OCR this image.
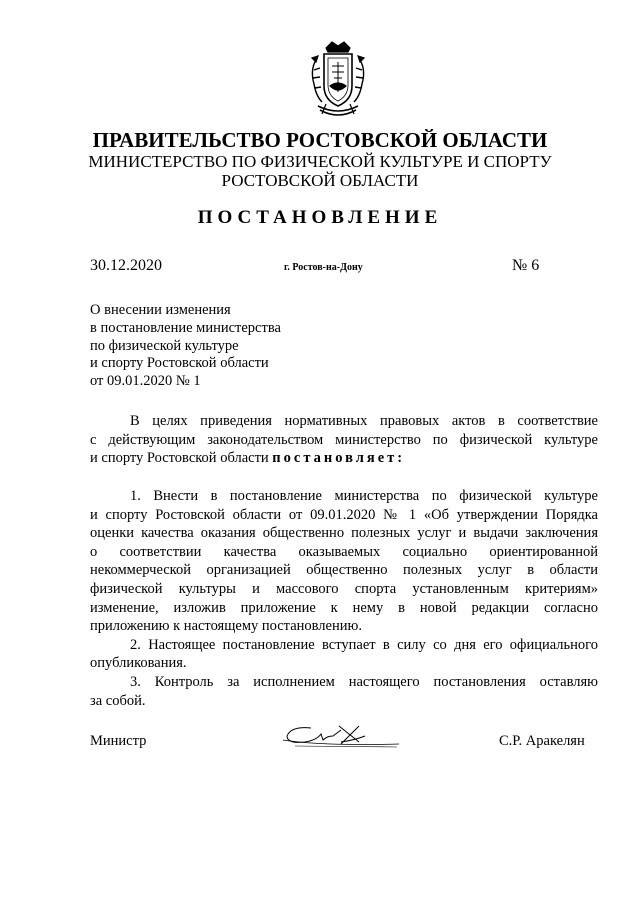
ПРАВИТЕЛЬСТВО РОСТОВСКОЙ ОБЛАСТИ
МИНИСТЕРСТВО ПО ФИЗИЧЕСКОЙ КУЛЬТУРЕ И СПОРТУ
РОСТОВСКОЙ ОБЛАСТИ
ПОСТАНОВЛЕНИЕ
30.12.2020	г. Ростов-на-Дону	№ 6
О внесении изменения
в постановление министерства
по физической культуре
и спорту Ростовской области
от 09.01.2020 № 1
В целях приведения нормативных правовых актов в соответствие
с действующим законодательством министерство по физической культуре
и спорту Ростовской области постановляет:
1. Внести в постановление министерства по физической культуре
и спорту Ростовской области от 09.01.2020 № 1 «Об утверждении Порядка
оценки качества оказания общественно полезных услуг и выдачи заключения
о соответствии качества оказываемых социально ориентированной
некоммерческой организацией общественно полезных услуг в области
физической культуры и массового спорта установленным критериям»
изменение, изложив приложение к нему в новой редакции согласно
приложению к настоящему постановлению.
2. Настоящее постановление вступает в силу со дня его официального
опубликования.
3. Контроль за исполнением настоящего постановления оставляю
за собой.
Министр	С.Р. Аракелян
